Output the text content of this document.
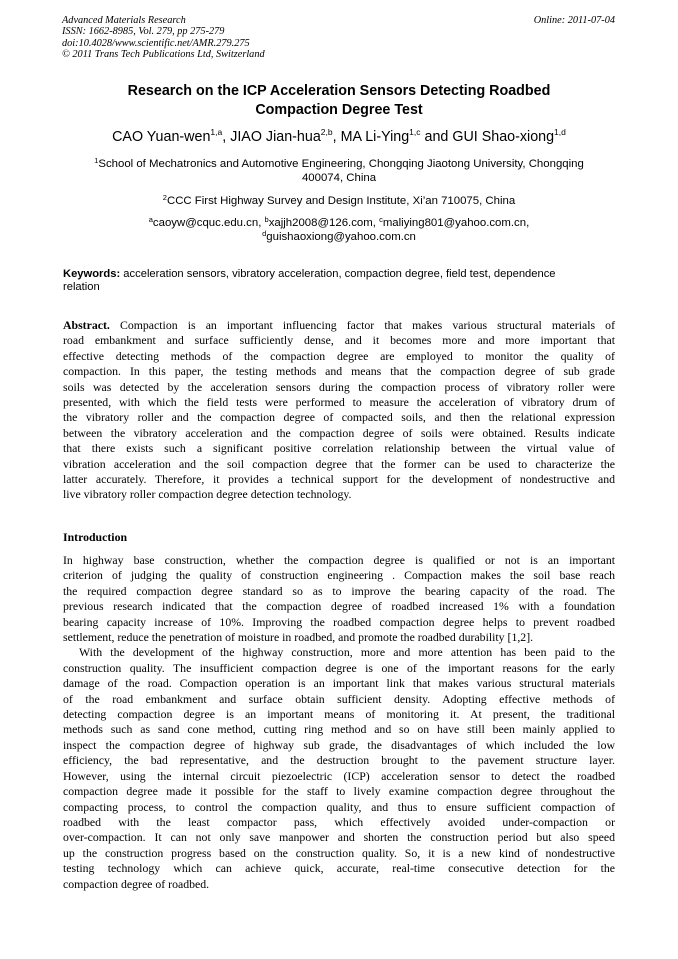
Advanced Materials Research
ISSN: 1662-8985, Vol. 279, pp 275-279
doi:10.4028/www.scientific.net/AMR.279.275
© 2011 Trans Tech Publications Ltd, Switzerland
Online: 2011-07-04
Research on the ICP Acceleration Sensors Detecting Roadbed
Compaction Degree Test
CAO Yuan-wen$^{1,a}$, JIAO Jian-hua$^{2,b}$, MA Li-Ying$^{1,c}$ and GUI Shao-xiong$^{1,d}$
$^1$School of Mechatronics and Automotive Engineering, Chongqing Jiaotong University, Chongqing
400074, China
$^2$CCC First Highway Survey and Design Institute, Xi’an 710075, China
$^a$caoyw@cquc.edu.cn, $^b$xajjh2008@126.com, $^c$maliying801@yahoo.com.cn,
$^d$guishaoxiong@yahoo.com.cn
Keywords: acceleration sensors, vibratory acceleration, compaction degree, field test, dependence
relation
Abstract. Compaction is an important influencing factor that makes various structural materials of
road embankment and surface sufficiently dense, and it becomes more and more important that
effective detecting methods of the compaction degree are employed to monitor the quality of
compaction. In this paper, the testing methods and means that the compaction degree of sub grade
soils was detected by the acceleration sensors during the compaction process of vibratory roller were
presented, with which the field tests were performed to measure the acceleration of vibratory drum of
the vibratory roller and the compaction degree of compacted soils, and then the relational expression
between the vibratory acceleration and the compaction degree of soils were obtained. Results indicate
that there exists such a significant positive correlation relationship between the virtual value of
vibration acceleration and the soil compaction degree that the former can be used to characterize the
latter accurately. Therefore, it provides a technical support for the development of nondestructive and
live vibratory roller compaction degree detection technology.
Introduction
In highway base construction, whether the compaction degree is qualified or not is an important
criterion of judging the quality of construction engineering . Compaction makes the soil base reach
the required compaction degree standard so as to improve the bearing capacity of the road. The
previous research indicated that the compaction degree of roadbed increased 1% with a foundation
bearing capacity increase of 10%. Improving the roadbed compaction degree helps to prevent roadbed
settlement, reduce the penetration of moisture in roadbed, and promote the roadbed durability [1,2].
With the development of the highway construction, more and more attention has been paid to the
construction quality. The insufficient compaction degree is one of the important reasons for the early
damage of the road. Compaction operation is an important link that makes various structural materials
of the road embankment and surface obtain sufficient density. Adopting effective methods of
detecting compaction degree is an important means of monitoring it. At present, the traditional
methods such as sand cone method, cutting ring method and so on have still been mainly applied to
inspect the compaction degree of highway sub grade, the disadvantages of which included the low
efficiency, the bad representative, and the destruction brought to the pavement structure layer.
However, using the internal circuit piezoelectric (ICP) acceleration sensor to detect the roadbed
compaction degree made it possible for the staff to lively examine compaction degree throughout the
compacting process, to control the compaction quality, and thus to ensure sufficient compaction of
roadbed with the least compactor pass, which effectively avoided under-compaction or
over-compaction. It can not only save manpower and shorten the construction period but also speed
up the construction progress based on the construction quality. So, it is a new kind of nondestructive
testing technology which can achieve quick, accurate, real-time consecutive detection for the
compaction degree of roadbed.
